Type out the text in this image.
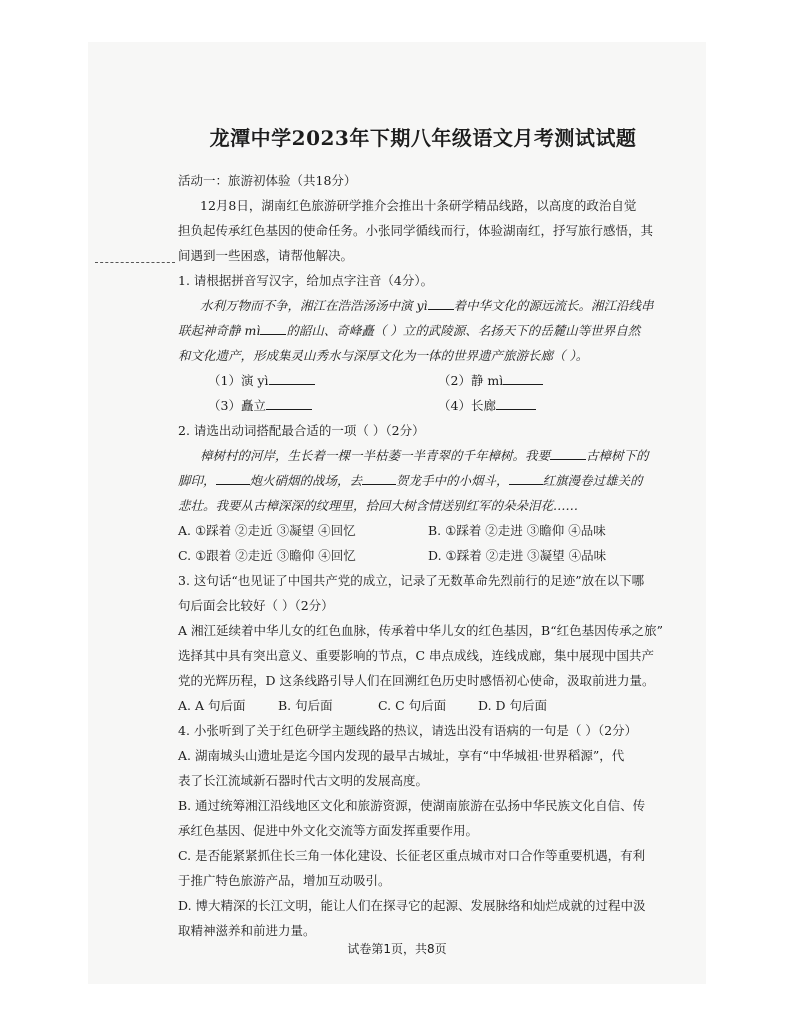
龙潭中学2023年下期八年级语文月考测试试题
活动一：旅游初体验（共18分）
12月8日，湖南红色旅游研学推介会推出十条研学精品线路，以高度的政治自觉
担负起传承红色基因的使命任务。小张同学循线而行，体验湖南红，抒写旅行感悟，其
间遇到一些困惑，请帮他解决。
1. 请根据拼音写汉字，给加点字注音（4分）。
水利万物而不争，湘江在浩浩汤汤中演 yì 着中华文化的源远流长。湘江沿线串
联起神奇静 mì 的韶山、奇峰矗（ ）立的武陵源、名扬天下的岳麓山等世界自然
和文化遗产，形成集灵山秀水与深厚文化为一体的世界遗产旅游长廊（ ）。
（1）演 yì	（2）静 mì
（3）矗立	（4）长廊
2. 请选出动词搭配最合适的一项（ ）（2分）
樟树村的河岸，生长着一棵一半枯萎一半青翠的千年樟树。我要	古樟树下的
脚印，	炮火硝烟的战场，去	贺龙手中的小烟斗，	红旗漫卷过雄关的
悲壮。我要从古樟深深的纹理里，拾回大树含情送别红军的朵朵泪花……
A. ①踩着 ②走近 ③凝望 ④回忆	B. ①踩着 ②走进 ③瞻仰 ④品味
C. ①跟着 ②走近 ③瞻仰 ④回忆	D. ①踩着 ②走进 ③凝望 ④品味
3. 这句话“也见证了中国共产党的成立，记录了无数革命先烈前行的足迹”放在以下哪
句后面会比较好（ ）（2分）
A 湘江延续着中华儿女的红色血脉，传承着中华儿女的红色基因，B“红色基因传承之旅”
选择其中具有突出意义、重要影响的节点，C 串点成线，连线成廊，集中展现中国共产
党的光辉历程，D 这条线路引导人们在回溯红色历史时感悟初心使命，汲取前进力量。
A. A 句后面	B. 句后面	C. C 句后面	D. D 句后面
4. 小张听到了关于红色研学主题线路的热议，请选出没有语病的一句是（ ）（2分）
A. 湖南城头山遗址是迄今国内发现的最早古城址，享有“中华城祖·世界稻源”，代
表了长江流域新石器时代古文明的发展高度。
B. 通过统筹湘江沿线地区文化和旅游资源，使湖南旅游在弘扬中华民族文化自信、传
承红色基因、促进中外文化交流等方面发挥重要作用。
C. 是否能紧紧抓住长三角一体化建设、长征老区重点城市对口合作等重要机遇，有利
于推广特色旅游产品，增加互动吸引。
D. 博大精深的长江文明，能让人们在探寻它的起源、发展脉络和灿烂成就的过程中汲
取精神滋养和前进力量。
试卷第1页，共8页
